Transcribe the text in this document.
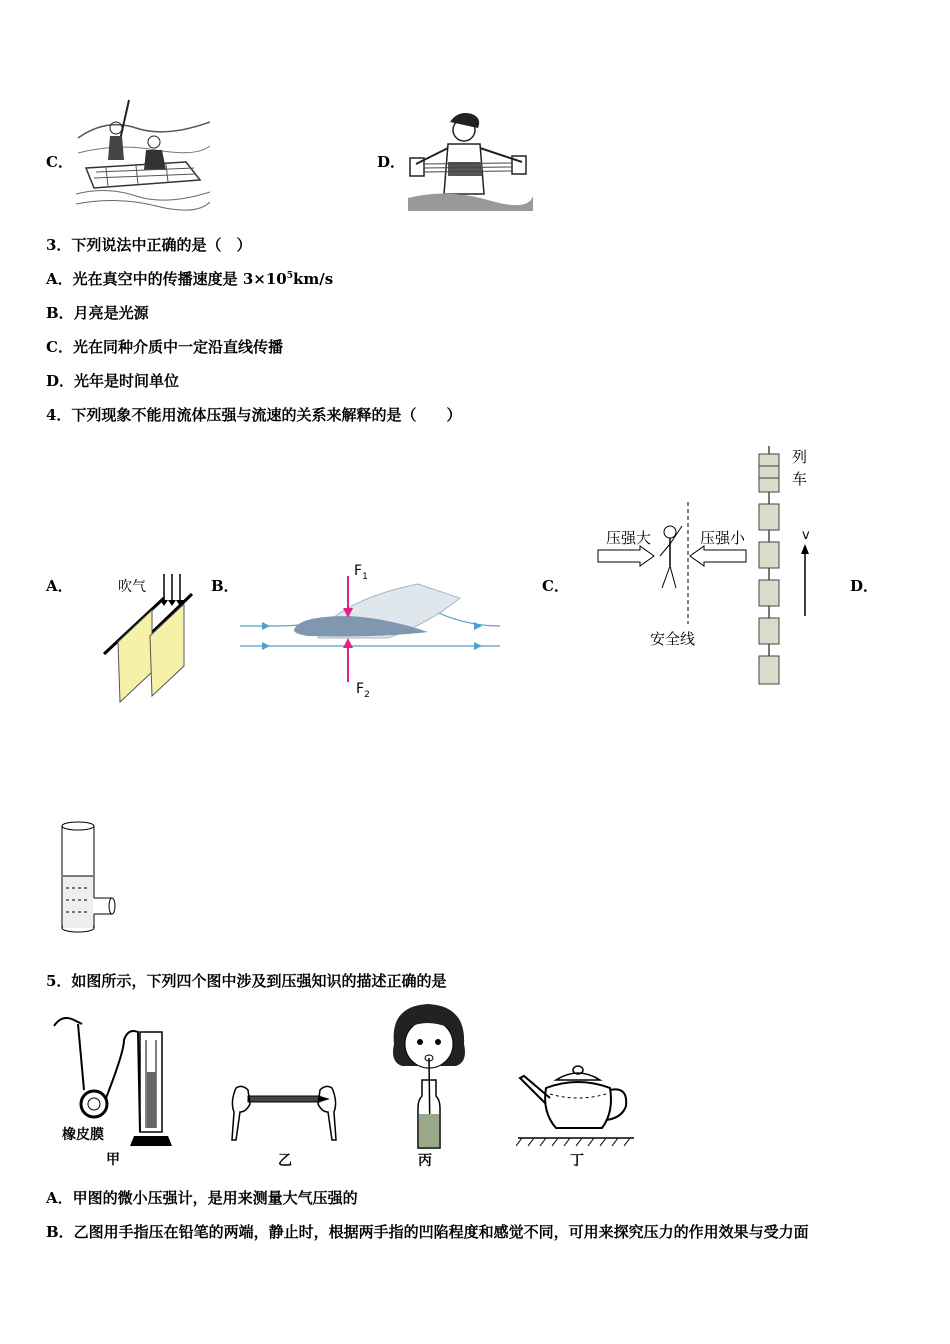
C．	D．
3．下列说法中正确的是（　）
A．光在真空中的传播速度是 $3\times 10^5km/s$
B．月亮是光源
C．光在同种介质中一定沿直线传播
D．光年是时间单位
4．下列现象不能用流体压强与流速的关系来解释的是（　　）
A．	吹气	B．
$F_1$
$F_2$
C．
压强大	压强小
安全线
列
车
v
D．
5．如图所示，下列四个图中涉及到压强知识的描述正确的是
橡皮膜
甲	乙	丙	丁
A．甲图的微小压强计，是用来测量大气压强的
B．乙图用手指压在铅笔的两端，静止时，根据两手指的凹陷程度和感觉不同，可用来探究压力的作用效果与受力面
